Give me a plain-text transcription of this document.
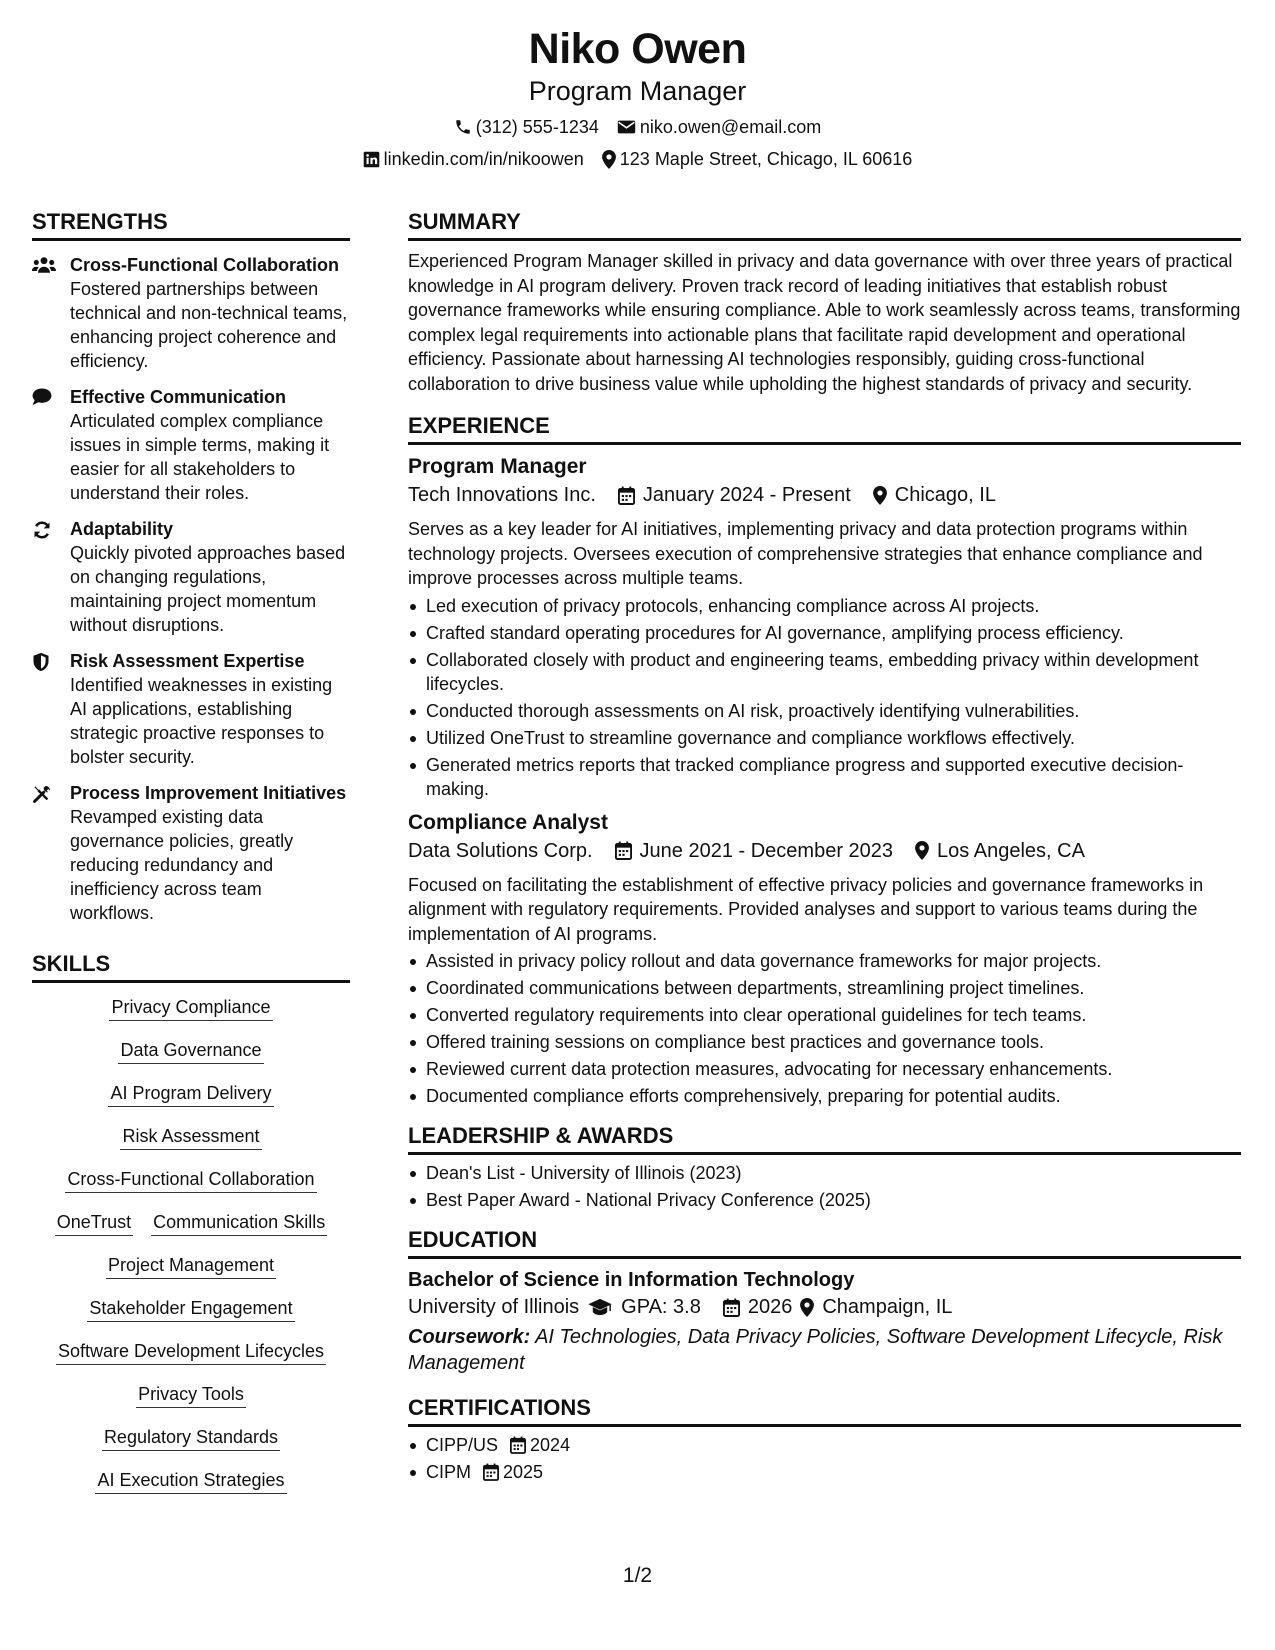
Niko Owen
Program Manager
(312) 555-1234 niko.owen@email.com
linkedin.com/in/nikoowen 123 Maple Street, Chicago, IL 60616
STRENGTHS
Cross-Functional Collaboration
Fostered partnerships between technical and non-technical teams, enhancing project coherence and efficiency.
Effective Communication
Articulated complex compliance issues in simple terms, making it easier for all stakeholders to understand their roles.
Adaptability
Quickly pivoted approaches based on changing regulations, maintaining project momentum without disruptions.
Risk Assessment Expertise
Identified weaknesses in existing AI applications, establishing strategic proactive responses to bolster security.
Process Improvement Initiatives
Revamped existing data governance policies, greatly reducing redundancy and inefficiency across team workflows.
SKILLS
Privacy Compliance
Data Governance
AI Program Delivery
Risk Assessment
Cross-Functional Collaboration
OneTrust Communication Skills
Project Management
Stakeholder Engagement
Software Development Lifecycles
Privacy Tools
Regulatory Standards
AI Execution Strategies
SUMMARY
Experienced Program Manager skilled in privacy and data governance with over three years of practical knowledge in AI program delivery. Proven track record of leading initiatives that establish robust governance frameworks while ensuring compliance. Able to work seamlessly across teams, transforming complex legal requirements into actionable plans that facilitate rapid development and operational efficiency. Passionate about harnessing AI technologies responsibly, guiding cross-functional collaboration to drive business value while upholding the highest standards of privacy and security.
EXPERIENCE
Program Manager
Tech Innovations Inc. January 2024 - Present Chicago, IL
Serves as a key leader for AI initiatives, implementing privacy and data protection programs within technology projects. Oversees execution of comprehensive strategies that enhance compliance and improve processes across multiple teams.
Led execution of privacy protocols, enhancing compliance across AI projects.
Crafted standard operating procedures for AI governance, amplifying process efficiency.
Collaborated closely with product and engineering teams, embedding privacy within development lifecycles.
Conducted thorough assessments on AI risk, proactively identifying vulnerabilities.
Utilized OneTrust to streamline governance and compliance workflows effectively.
Generated metrics reports that tracked compliance progress and supported executive decision-making.
Compliance Analyst
Data Solutions Corp. June 2021 - December 2023 Los Angeles, CA
Focused on facilitating the establishment of effective privacy policies and governance frameworks in alignment with regulatory requirements. Provided analyses and support to various teams during the implementation of AI programs.
Assisted in privacy policy rollout and data governance frameworks for major projects.
Coordinated communications between departments, streamlining project timelines.
Converted regulatory requirements into clear operational guidelines for tech teams.
Offered training sessions on compliance best practices and governance tools.
Reviewed current data protection measures, advocating for necessary enhancements.
Documented compliance efforts comprehensively, preparing for potential audits.
LEADERSHIP & AWARDS
Dean's List - University of Illinois (2023)
Best Paper Award - National Privacy Conference (2025)
EDUCATION
Bachelor of Science in Information Technology
University of Illinois GPA: 3.8 2026 Champaign, IL
Coursework: AI Technologies, Data Privacy Policies, Software Development Lifecycle, Risk Management
CERTIFICATIONS
CIPP/US 2024
CIPM 2025
1/2
